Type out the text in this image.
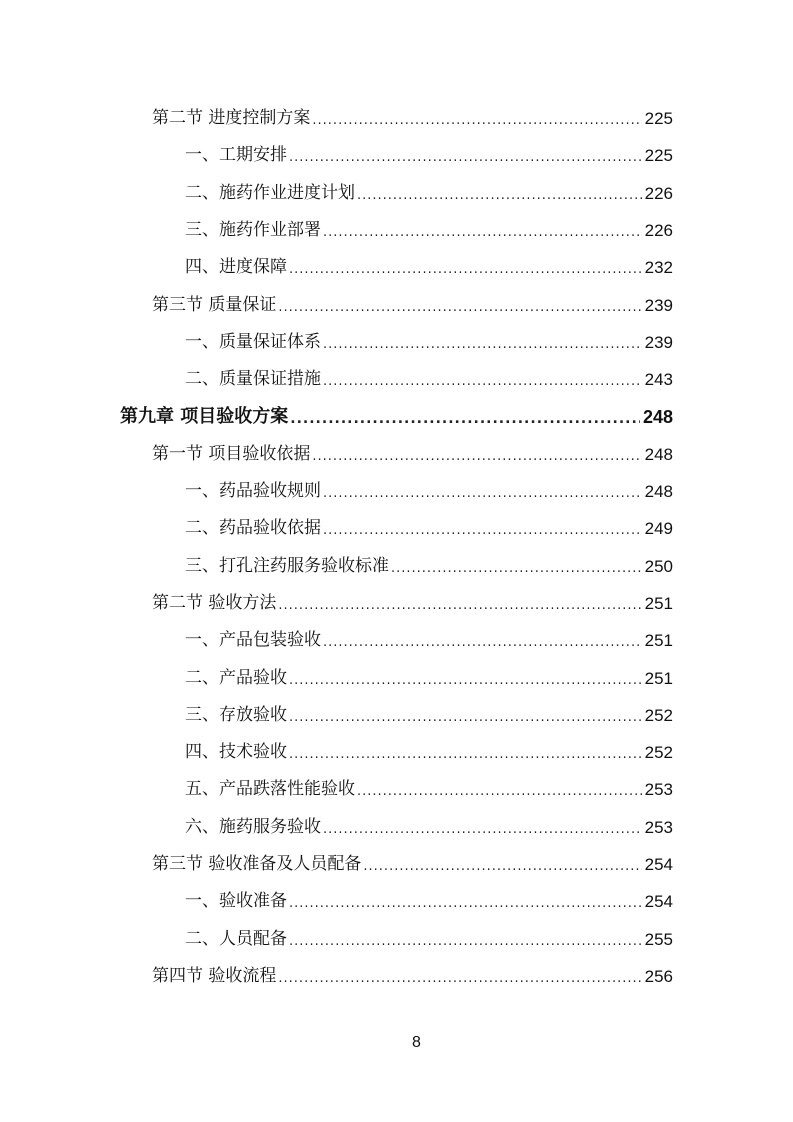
第二节 进度控制方案 .....	225
一、工期安排 .....	225
二、施药作业进度计划 .....	226
三、施药作业部署 .....	226
四、进度保障 .....	232
第三节 质量保证 .....	239
一、质量保证体系 .....	239
二、质量保证措施 .....	243
第九章 项目验收方案 .....	248
第一节 项目验收依据 .....	248
一、药品验收规则 .....	248
二、药品验收依据 .....	249
三、打孔注药服务验收标准 .....	250
第二节 验收方法 .....	251
一、产品包装验收 .....	251
二、产品验收 .....	251
三、存放验收 .....	252
四、技术验收 .....	252
五、产品跌落性能验收 .....	253
六、施药服务验收 .....	253
第三节 验收准备及人员配备 .....	254
一、验收准备 .....	254
二、人员配备 .....	255
第四节 验收流程 .....	256
8
